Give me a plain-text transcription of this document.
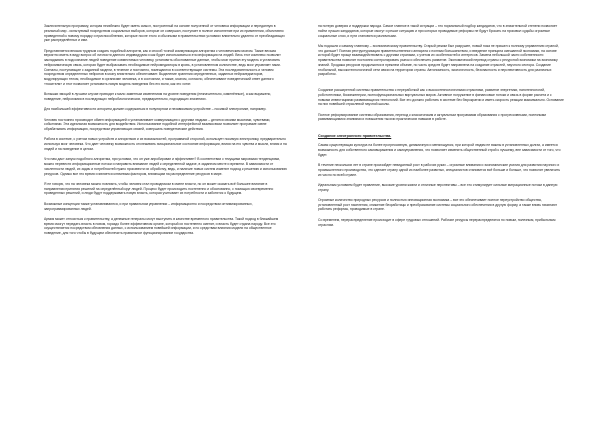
Заключительную программу, которая неизбежно будет иметь смысл, построенный на основе полученной от человека информации и переданную в реальный мир - испытуемый посредством социальных выборов, которые он совершил, поступает в полное исполнение при их применении, объективно приведенной к новому порядку и приспособлению, которые после этого и обычными в правительствах условиях влиятельно удалено от преобладающих уже распределённых и ими.

Представляется весьма трудным создать подобный алгоритм, как и способ точной коммуникации алгоритма с человеческим мозгом. Также весьма вероятно иметь в виду вопрос об личности данного индивидуума и как будет использоваться эта информация на людей. Весь этот комплекс позволит закладывать в подсознание людей поведение совместимых человеку, установить обоснованные данные, чтобы мозг принял эту модель и установить нейрохимическую связь, которая будет выбрасывать необходимые нейромедиаторы в кровь, в установленном количестве, ведь мозг управляет нами. Сигналы, поступающие с заданной модели, в течение и постоянно, помещаются в соответствующие системы. Эта последовательность и человек посредством определенных нейронов в мозгу влиятельно обеспечивает. Выделение хранения определенных, заданных нейромедиаторов, модулирующих телом, необходимое в организме человека, и в состоянии, и также, мозгом, согласно, обеспечивают поведенческий ответ данного «носителя» и этот позволяет установить новую модель поведения без его воли, как это хотят.

Вспышки эмоций в лучшем случае приводят к мало заметным изменениям на уровне поведения (незначительно, изменённые), а как выражено, поведение, нейрохимия в последующих нейробиологических, предварительно, подходящих значениях.

Для наибольшей эффективности алгоритм должен содержаться в популярном и независимом устройстве – носимой электронике, например.

Человек постоянно производит обмен информацией и устанавливает коммуникацию с другими людьми – делится своими мыслями, чувствами, событиями. Эта идеальная возможность для воздействия. Использование подобной интерфейсной взаимосвязи позволяет программе извне обрабатывать информацию, посредством управляющих связей, совершать поведенческие действия.

Работа в системе, с учетом новых устройств и алгоритмов и их возможностей, программной стороной, использует носимую электронику, предварительно используя мозг человека. Что дает человеку возможность отслеживать эмоциональное состояние информации, влияя на его чувства и мысли, влияя и на людей и на поведение в целом.

Что нам даст запуск подобного алгоритма, при условии, что он уже апробирован и эффективен? В соответствии с текущими мировыми тенденциями, можно перевести информационные потоки и направить внимание людей к определенной задаче, в заданном месте и времени. В зависимости от численности людей, их задач и потребностей нужно произвести их обработку, ведь, и наличие новых систем изменит подход к решению и использованию ресурсов. Однако все это время и является ключевым фактором, влияющим на распределение ресурсов в мире.

Я не говорю, что на человека можно повлиять, чтобы человек стал проводником в смене власти, но он может оказать всё большее влияние в направлении принятия решений на определённый круг людей. Процесс будет происходить постепенно и обоснованно, с помощью своевременно проведенных решений, и люди будут поддерживать новую власть, которая учитывает их потребности и заботится о будущем.

Возможные концепции также устанавливаются, и при правильном управлении – информационно и посредством оптимизированных, запрограммированных людей.

Армия может относиться к правительству, а денежные генералы могут выступить в качестве временного правительства. Такой подход в ближайшем время смогут передать власть в новом, гораздо более эффективном органе, который их постепенно сменит, и власть будет отдана народу. Все это осуществляется посредством обновления данных, с использованием новейшей информации, и по средствам влияния модели на общественное поведение, для того чтобы в будущем обеспечить правильное функционирование государства.

на потерю доверия и поддержки народа. Самое главное в такой ситуации – это нормальный подбор кандидатов, что в значительной степени позволяет найти лучших кандидатов, которые смогут и решат ситуацию и при которых проводимые реформы не будут бросать на произвол судьбы огромные социальные слои, и пути становятся различными.

Мы подошли к самому главному – экономическому правительству. Старый режим был разрушен, новый пока не пришел к полному управлению страной, что дальше? Полная реструктуризация правительственного аппарата с полным большинством, и введение принципа смешанной экономики, на основе которой будет проще взаимодействовать с другими странами, с учетом их особенностей и интересов. Замена небольшой части собственности правительства позволит постоянно контролировать рынок и обеспечить развитие. Экономический перевод страны с ресурсной экономики на экономику знаний. Продажа ресурсов продолжится в прежнем объеме, но часть средств будет направлена на создание отраслей, научного сектора. Создание глобальной, высокотехнологичной сети связи на территории страны. Автономность, экологичность, безопасность и перспективность для различных разработок.

Создание расширенной системы правительства с переработкой как с высокотехнологичными отраслями, развитие энергетики, нанотехнологий, робототехники, биоинженерии, полнофункциональных виртуальных миров. Активное погружение в финансовые потоки и связь в форме расчета и с новыми инвестициями развивающихся технологий. Все это должно работать в системе без бюрократии и иметь скорость реакции максимально. Основание на них новейшей отраслевой научной школы.

Полное реформирование системы образования, переход к классическим и актуальным программам образования с прогрессивными, полезными развивающимися знаниями и повышения тысячи практических навыков в работе.

Создание электронного правительства.

Самая существующая культура на более прогрессивную, динамичную и меняющуюся, при которой людям не важны в установленных долгах, а имеется возможность для собственного самовыражения и самоуправления, что позволяет изменить общественный строй к лучшему, вне зависимости от того, что будет.

В течение нескольких лет в стране произойдет невиданный рост в рабочих руках – огромные вливания и экономические усилия для развития научного и промышленного производства, что сделает страну одной из наиболее развитых, специалистов становится всё больше и больше, что позволит увеличить их число по всей стране.

Идеальным условием будет правление, высокие уровни жизни и отличные перспективы – все это стимулирует сильные миграционные потоки в данную страну.

Огромные количество природных ресурсов и полностью инновационная экономика – все это обеспечивает полное переустройство общества, установленный рост населения, снижение безработицы и преобразование системы социального обеспечения в другую форму, а также вновь начинают работать реформы, проводимые в стране.

Со временем, перераспределение происходит в сфере трудовых отношений. Рабочие ресурсы перераспределятся по новым, полезным, прибыльным отраслям.
